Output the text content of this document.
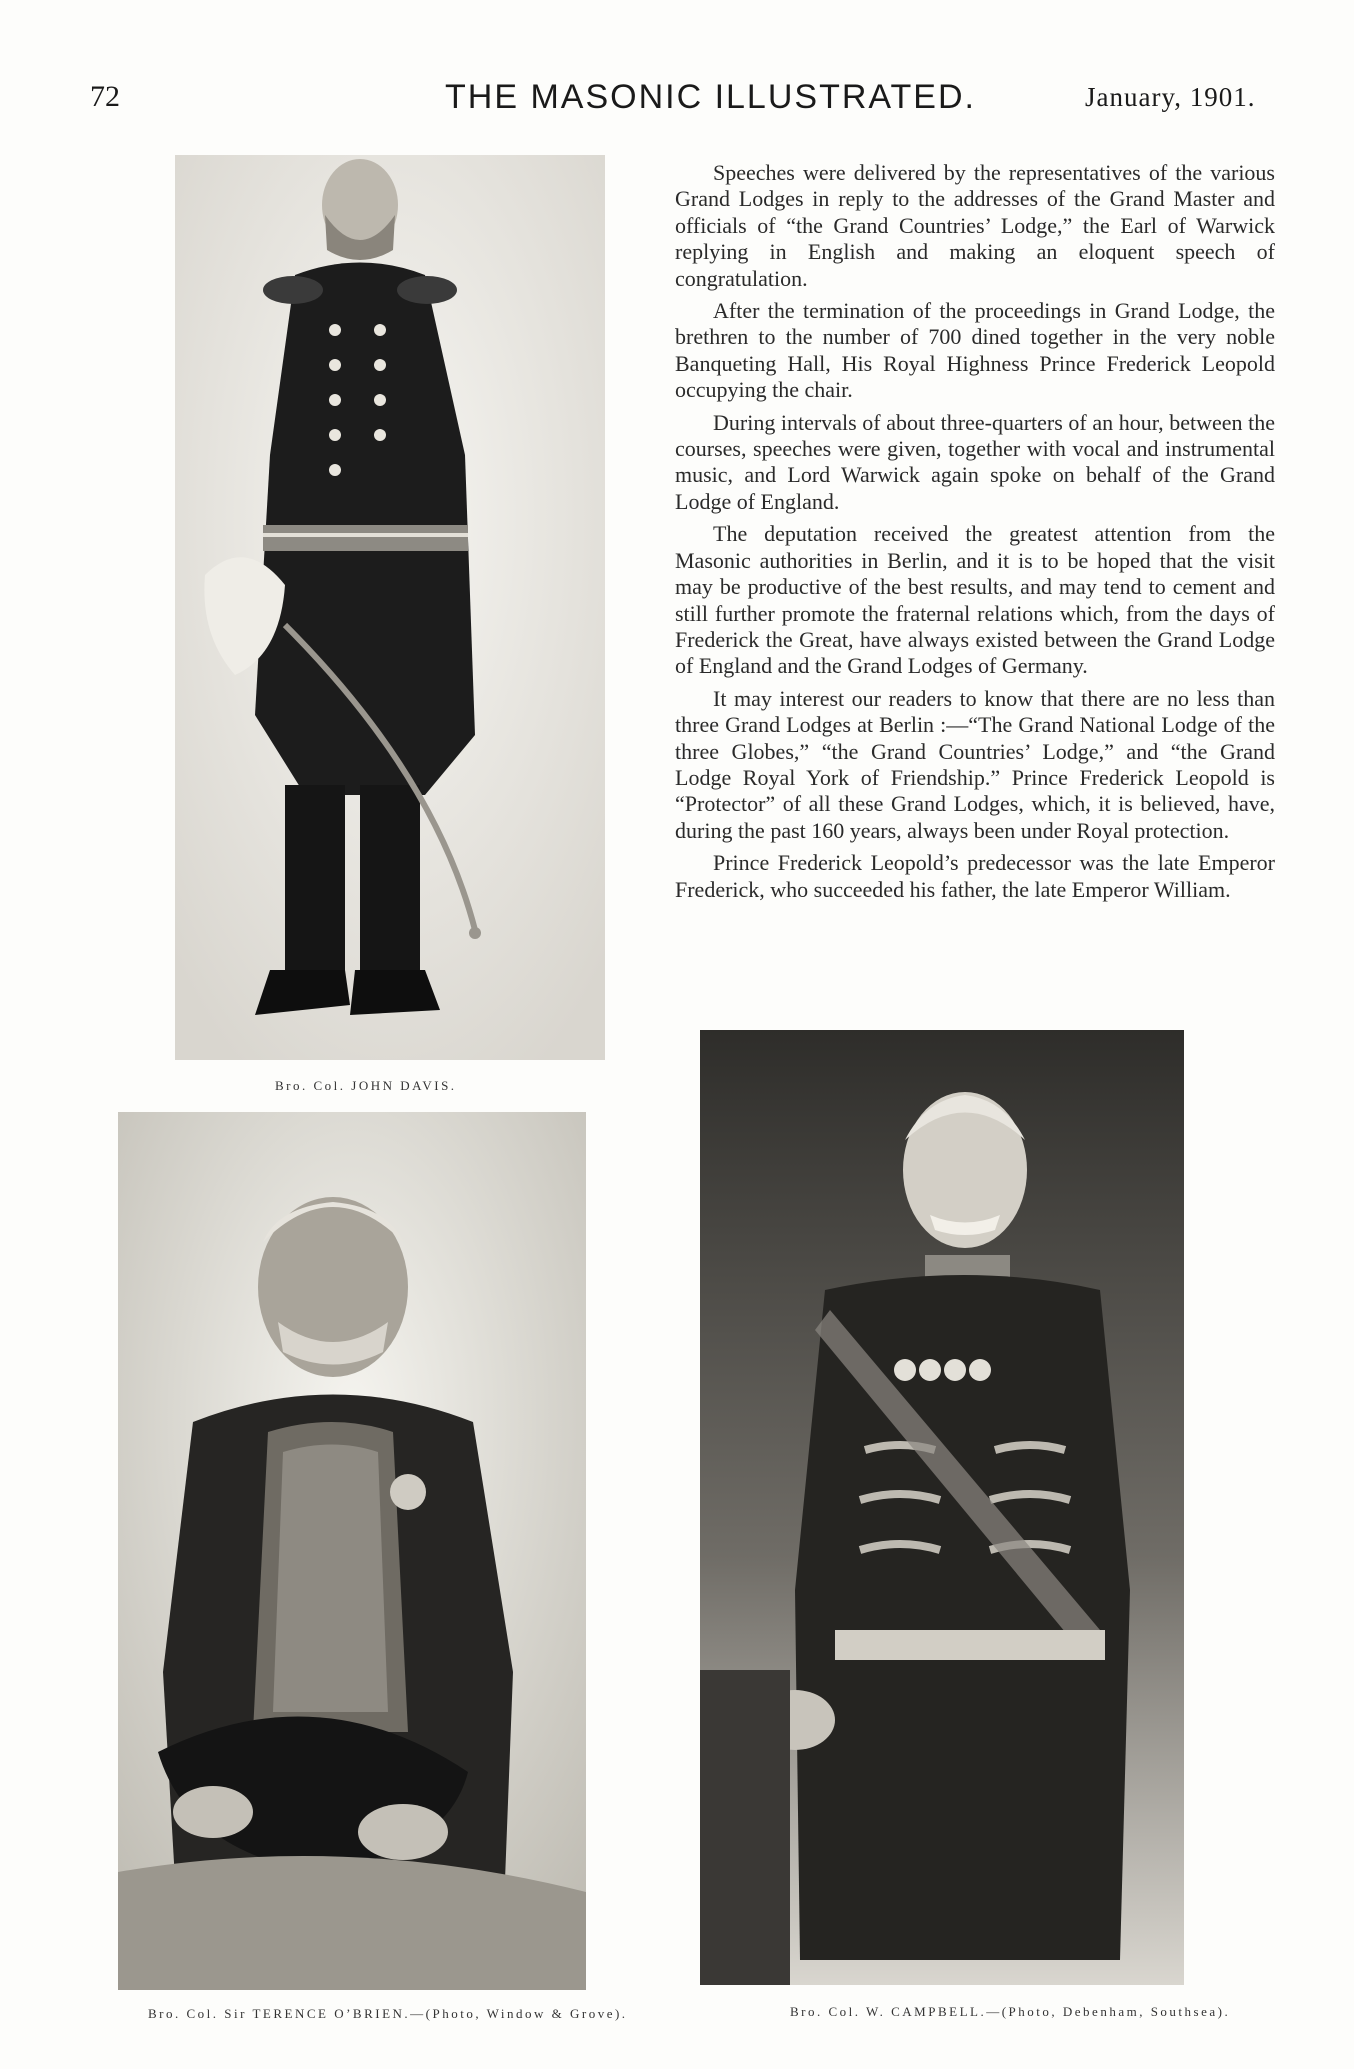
72	THE MASONIC ILLUSTRATED.	January, 1901.
Bro. Col. JOHN DAVIS.
Bro. Col. Sir TERENCE O’BRIEN.—(Photo, Window & Grove).	Bro. Col. W. CAMPBELL.—(Photo, Debenham, Southsea).

Speeches were delivered by the representatives of the various Grand Lodges in reply to the addresses of the Grand Master and officials of “the Grand Countries’ Lodge,” the Earl of Warwick replying in English and making an eloquent speech of congratulation.

After the termination of the proceedings in Grand Lodge, the brethren to the number of 700 dined together in the very noble Banqueting Hall, His Royal Highness Prince Frederick Leopold occupying the chair.

During intervals of about three-quarters of an hour, between the courses, speeches were given, together with vocal and instrumental music, and Lord Warwick again spoke on behalf of the Grand Lodge of England.

The deputation received the greatest attention from the Masonic authorities in Berlin, and it is to be hoped that the visit may be productive of the best results, and may tend to cement and still further promote the fraternal relations which, from the days of Frederick the Great, have always existed between the Grand Lodge of England and the Grand Lodges of Germany.

It may interest our readers to know that there are no less than three Grand Lodges at Berlin :—“The Grand National Lodge of the three Globes,” “the Grand Countries’ Lodge,” and “the Grand Lodge Royal York of Friendship.” Prince Frederick Leopold is “Protector” of all these Grand Lodges, which, it is believed, have, during the past 160 years, always been under Royal protection.

Prince Frederick Leopold’s predecessor was the late Emperor Frederick, who succeeded his father, the late Emperor William.
